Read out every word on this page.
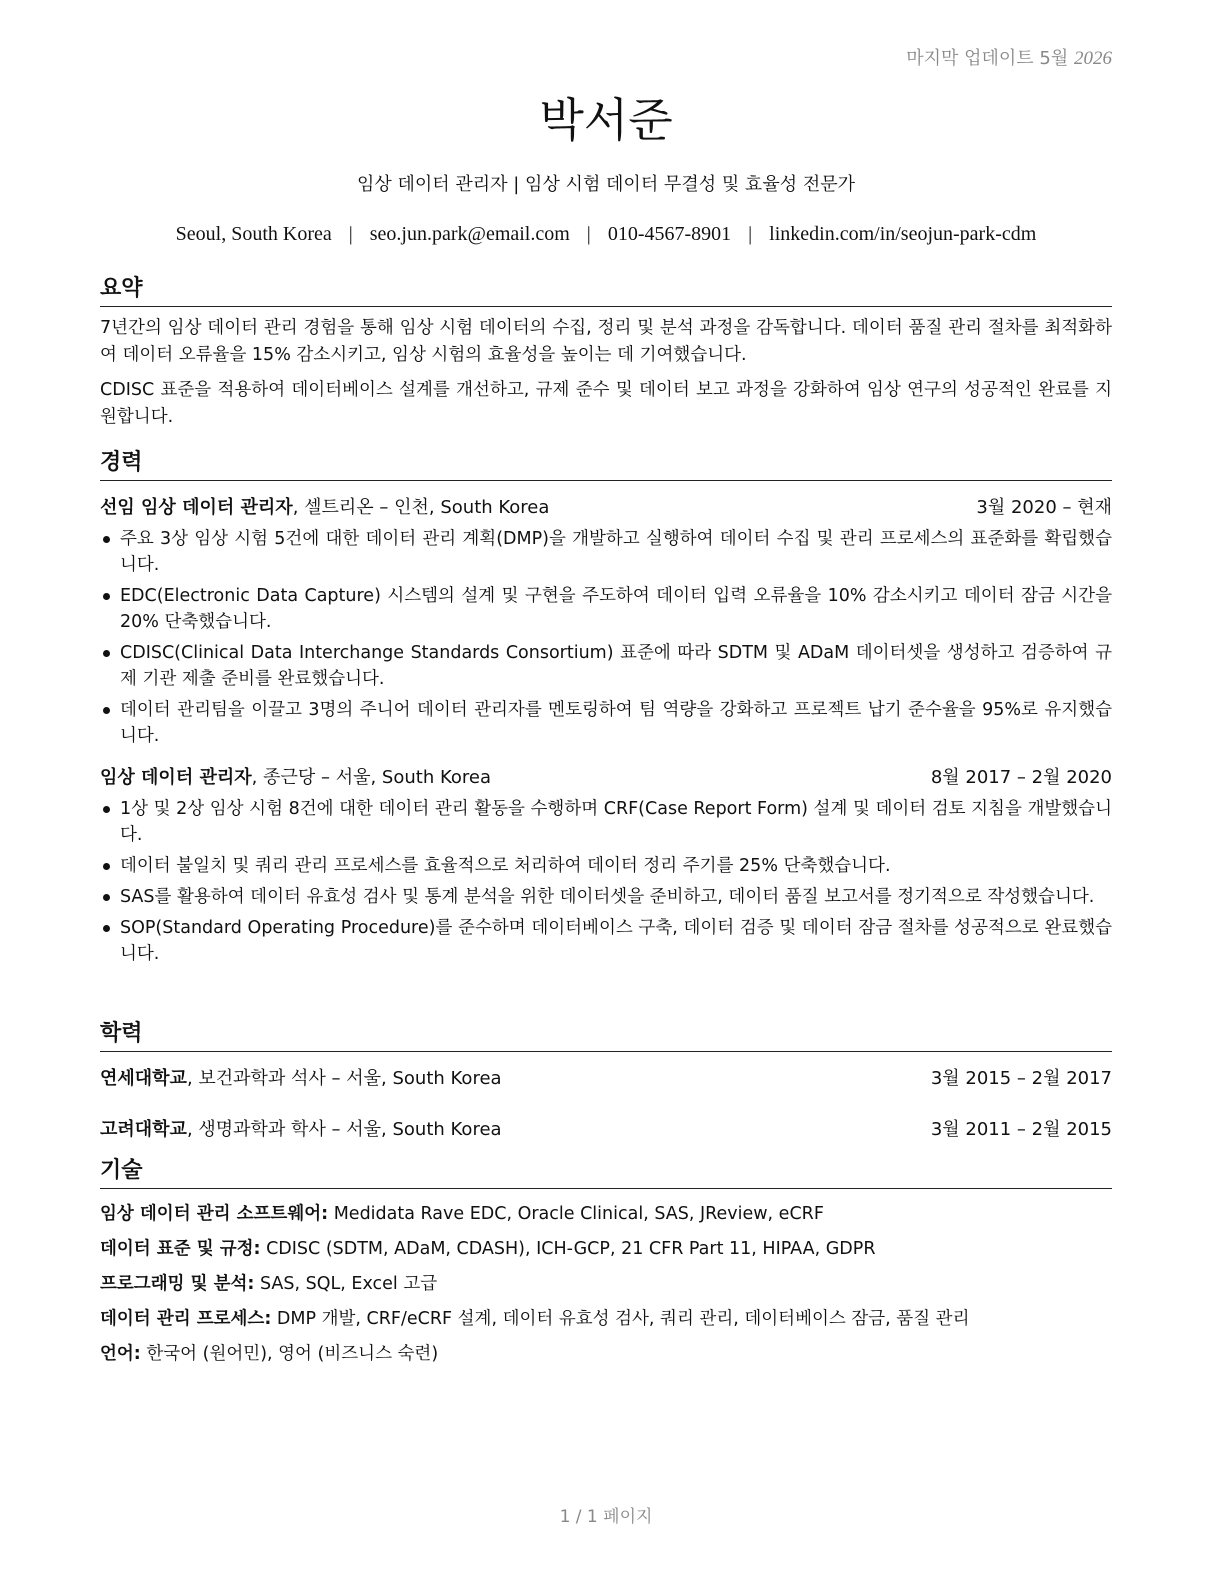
마지막 업데이트 5월 2026
박서준
임상 데이터 관리자 | 임상 시험 데이터 무결성 및 효율성 전문가
Seoul, South Korea | seo.jun.park@email.com | 010-4567-8901 | linkedin.com/in/seojun-park-cdm
요약

7년간의 임상 데이터 관리 경험을 통해 임상 시험 데이터의 수집, 정리 및 분석 과정을 감독합니다. 데이터 품질 관리 절차를 최적화하여 데이터 오류율을 15% 감소시키고, 임상 시험의 효율성을 높이는 데 기여했습니다.

CDISC 표준을 적용하여 데이터베이스 설계를 개선하고, 규제 준수 및 데이터 보고 과정을 강화하여 임상 연구의 성공적인 완료를 지원합니다.

경력
선임 임상 데이터 관리자, 셀트리온 – 인천, South Korea	3월 2020 – 현재
주요 3상 임상 시험 5건에 대한 데이터 관리 계획(DMP)을 개발하고 실행하여 데이터 수집 및 관리 프로세스의 표준화를 확립했습니다.
EDC(Electronic Data Capture) 시스템의 설계 및 구현을 주도하여 데이터 입력 오류율을 10% 감소시키고 데이터 잠금 시간을 20% 단축했습니다.
CDISC(Clinical Data Interchange Standards Consortium) 표준에 따라 SDTM 및 ADaM 데이터셋을 생성하고 검증하여 규제 기관 제출 준비를 완료했습니다.
데이터 관리팀을 이끌고 3명의 주니어 데이터 관리자를 멘토링하여 팀 역량을 강화하고 프로젝트 납기 준수율을 95%로 유지했습니다.
임상 데이터 관리자, 종근당 – 서울, South Korea	8월 2017 – 2월 2020
1상 및 2상 임상 시험 8건에 대한 데이터 관리 활동을 수행하며 CRF(Case Report Form) 설계 및 데이터 검토 지침을 개발했습니다.
데이터 불일치 및 쿼리 관리 프로세스를 효율적으로 처리하여 데이터 정리 주기를 25% 단축했습니다.
SAS를 활용하여 데이터 유효성 검사 및 통계 분석을 위한 데이터셋을 준비하고, 데이터 품질 보고서를 정기적으로 작성했습니다.
SOP(Standard Operating Procedure)를 준수하며 데이터베이스 구축, 데이터 검증 및 데이터 잠금 절차를 성공적으로 완료했습니다.
학력
연세대학교, 보건과학과 석사 – 서울, South Korea	3월 2015 – 2월 2017
고려대학교, 생명과학과 학사 – 서울, South Korea	3월 2011 – 2월 2015
기술
임상 데이터 관리 소프트웨어: Medidata Rave EDC, Oracle Clinical, SAS, JReview, eCRF
데이터 표준 및 규정: CDISC (SDTM, ADaM, CDASH), ICH-GCP, 21 CFR Part 11, HIPAA, GDPR
프로그래밍 및 분석: SAS, SQL, Excel 고급
데이터 관리 프로세스: DMP 개발, CRF/eCRF 설계, 데이터 유효성 검사, 쿼리 관리, 데이터베이스 잠금, 품질 관리
언어: 한국어 (원어민), 영어 (비즈니스 숙련)
1 / 1 페이지
